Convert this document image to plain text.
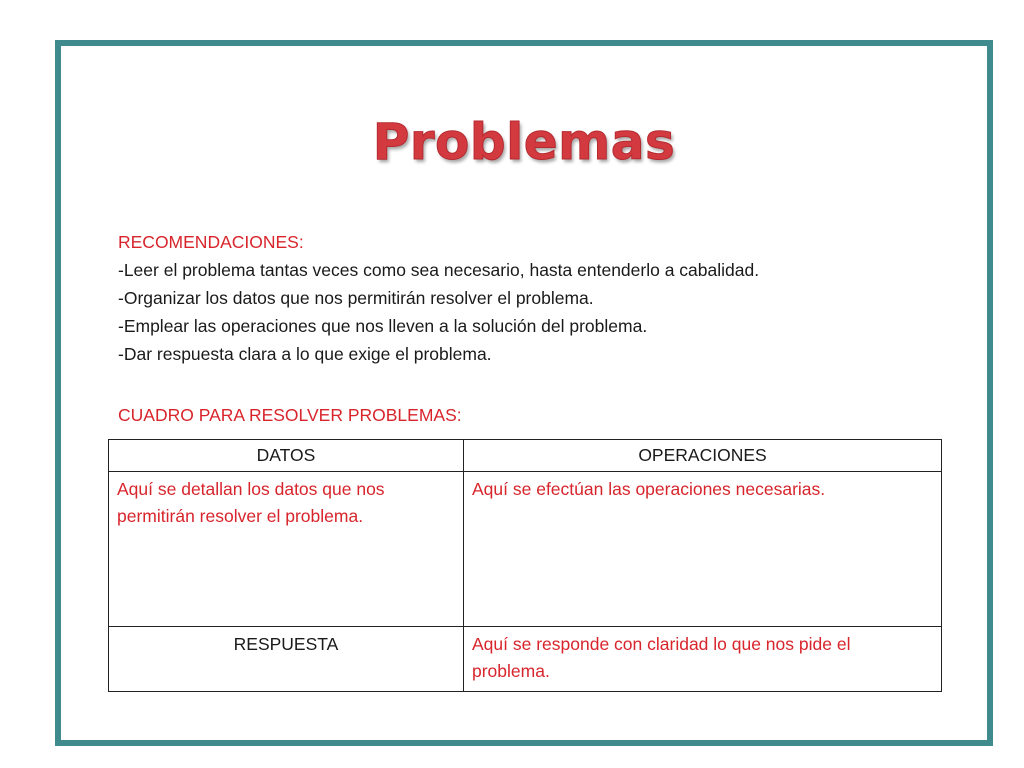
Problemas
RECOMENDACIONES:
-Leer el problema tantas veces como sea necesario, hasta entenderlo a cabalidad.
-Organizar los datos que nos permitirán resolver el problema.
-Emplear las operaciones que nos lleven a la solución del problema.
-Dar respuesta clara a lo que exige el problema.
CUADRO PARA RESOLVER PROBLEMAS:
DATOS	OPERACIONES
Aquí se detallan los datos que nos permitirán resolver el problema.	Aquí se efectúan las operaciones necesarias.
RESPUESTA	Aquí se responde con claridad lo que nos pide el problema.
